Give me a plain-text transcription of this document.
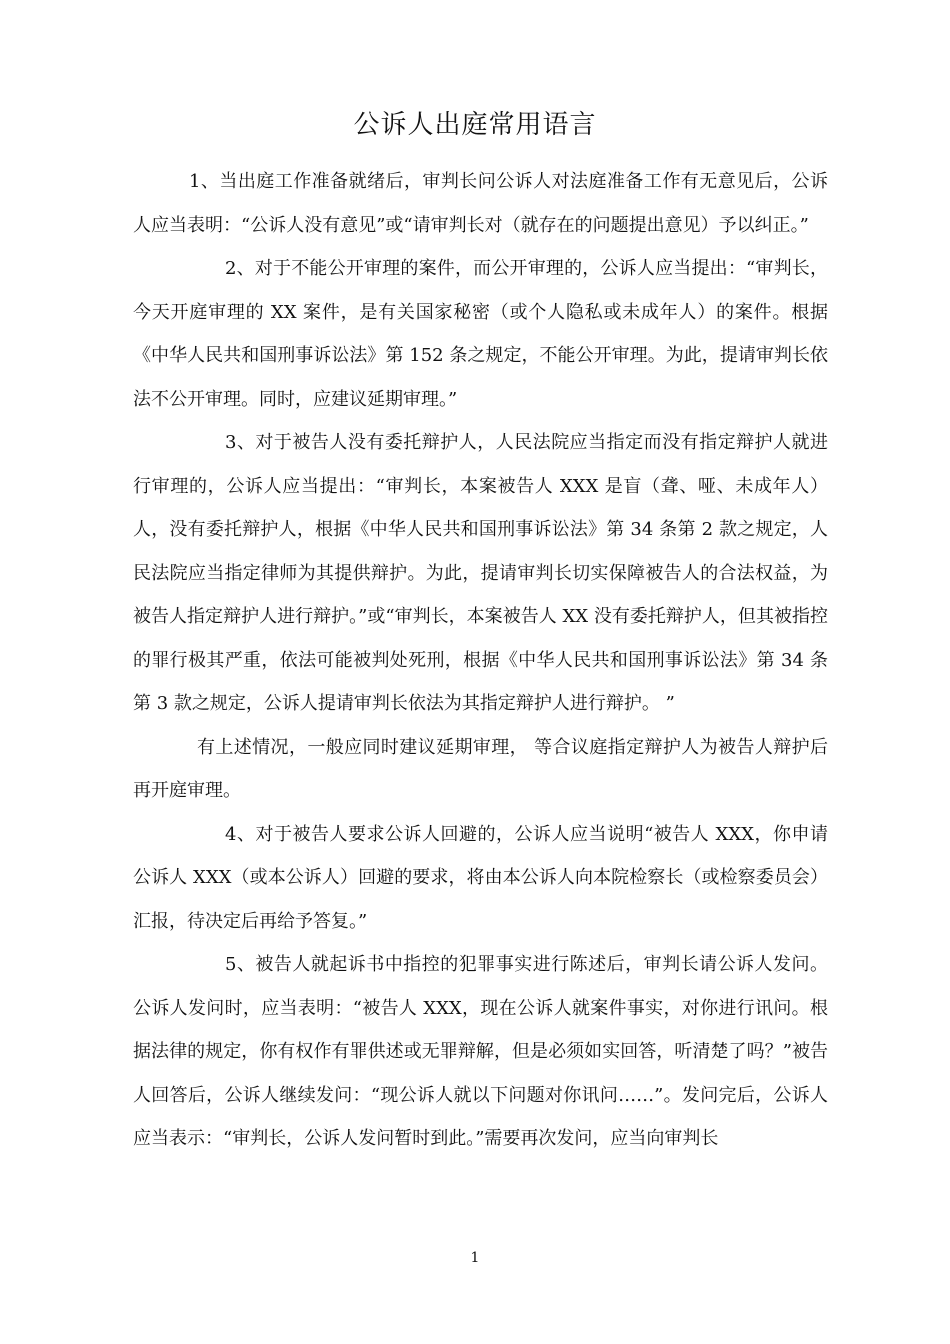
公诉人出庭常用语言

1、当出庭工作准备就绪后，审判长问公诉人对法庭准备工作有无意见后，公诉人应当表明：“公诉人没有意见”或“请审判长对（就存在的问题提出意见）予以纠正。”

2、对于不能公开审理的案件，而公开审理的，公诉人应当提出：“审判长，今天开庭审理的 XX 案件，是有关国家秘密（或个人隐私或未成年人）的案件。根据《中华人民共和国刑事诉讼法》第 152 条之规定，不能公开审理。为此，提请审判长依法不公开审理。同时，应建议延期审理。”

3、对于被告人没有委托辩护人，人民法院应当指定而没有指定辩护人就进行审理的，公诉人应当提出：“审判长，本案被告人 XXX 是盲（聋、哑、未成年人）人，没有委托辩护人，根据《中华人民共和国刑事诉讼法》第 34 条第 2 款之规定，人民法院应当指定律师为其提供辩护。为此，提请审判长切实保障被告人的合法权益，为被告人指定辩护人进行辩护。”或“审判长，本案被告人 XX 没有委托辩护人，但其被指控的罪行极其严重，依法可能被判处死刑，根据《中华人民共和国刑事诉讼法》第 34 条第 3 款之规定，公诉人提请审判长依法为其指定辩护人进行辩护。 ”

有上述情况，一般应同时建议延期审理， 等合议庭指定辩护人为被告人辩护后再开庭审理。

4、对于被告人要求公诉人回避的，公诉人应当说明“被告人 XXX，你申请公诉人 XXX（或本公诉人）回避的要求，将由本公诉人向本院检察长（或检察委员会）汇报，待决定后再给予答复。”

5、被告人就起诉书中指控的犯罪事实进行陈述后，审判长请公诉人发问。公诉人发问时，应当表明：“被告人 XXX，现在公诉人就案件事实，对你进行讯问。根据法律的规定，你有权作有罪供述或无罪辩解，但是必须如实回答，听清楚了吗？”被告人回答后，公诉人继续发问：“现公诉人就以下问题对你讯问……”。发问完后，公诉人应当表示：“审判长，公诉人发问暂时到此。”需要再次发问，应当向审判长

1
